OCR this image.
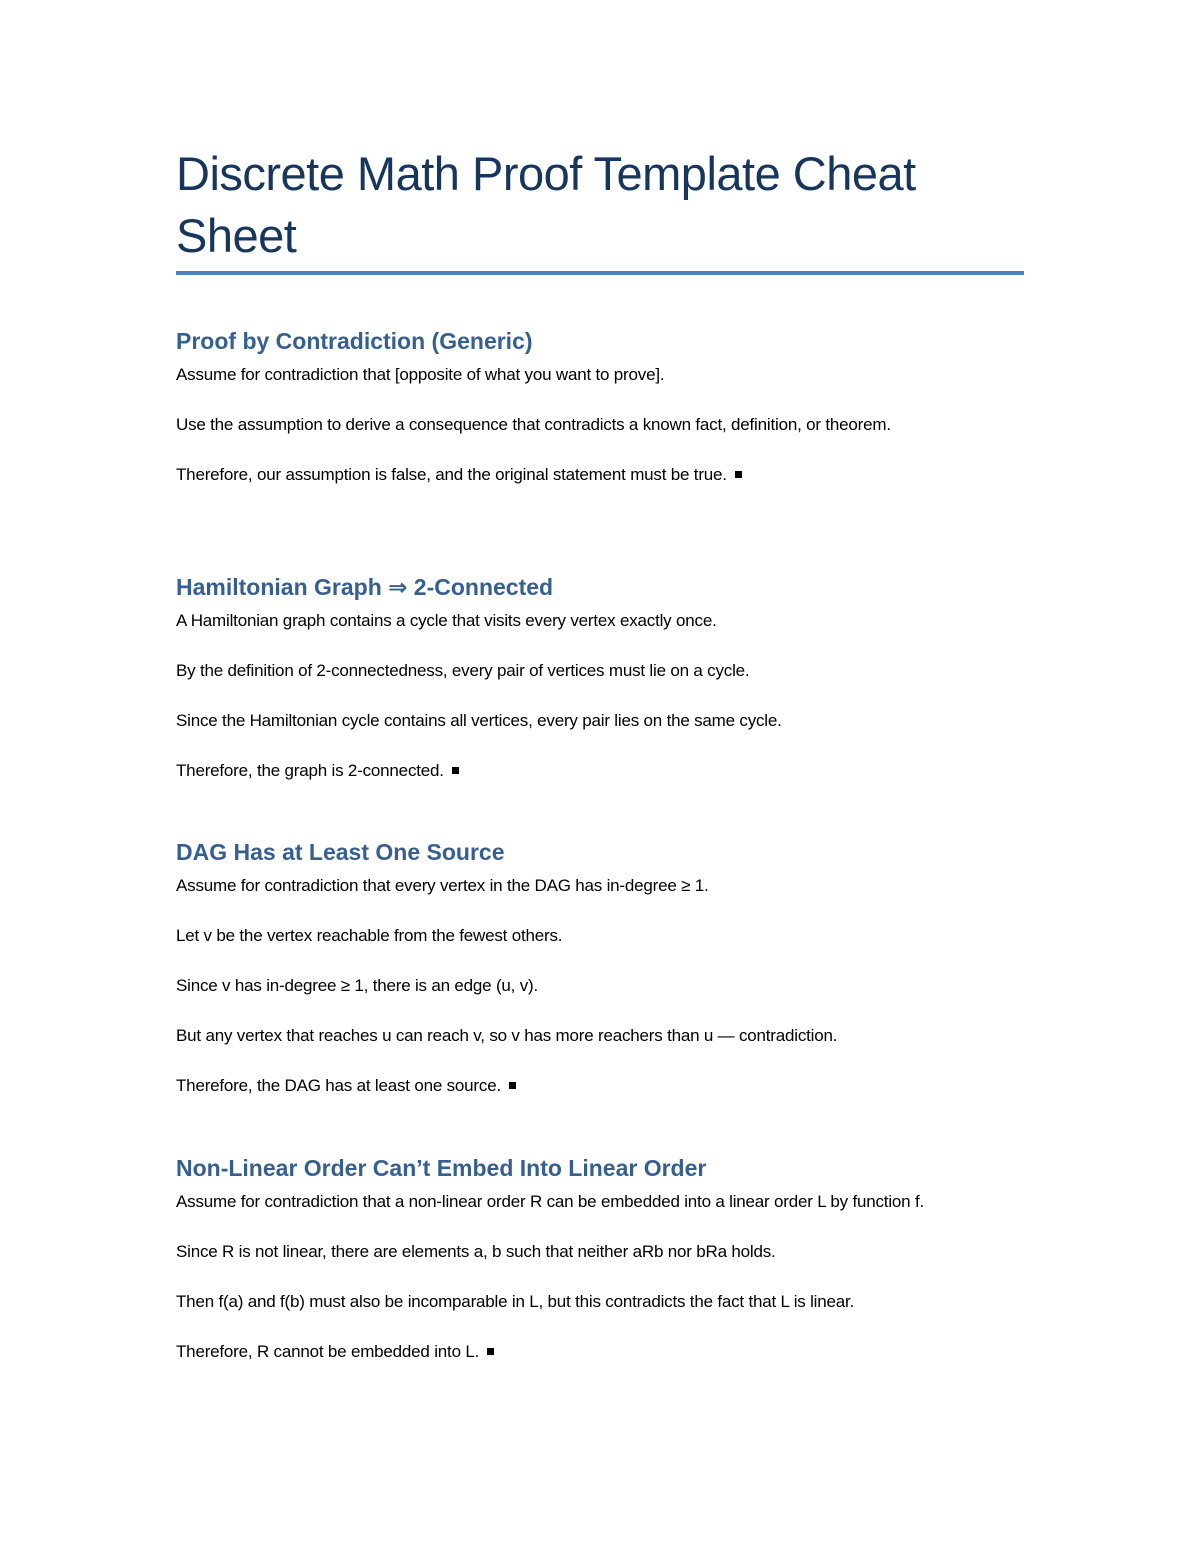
Discrete Math Proof Template Cheat Sheet
Proof by Contradiction (Generic)

Assume for contradiction that [opposite of what you want to prove].

Use the assumption to derive a consequence that contradicts a known fact, definition, or theorem.

Therefore, our assumption is false, and the original statement must be true.

Hamiltonian Graph ⇒ 2-Connected

A Hamiltonian graph contains a cycle that visits every vertex exactly once.

By the definition of 2-connectedness, every pair of vertices must lie on a cycle.

Since the Hamiltonian cycle contains all vertices, every pair lies on the same cycle.

Therefore, the graph is 2-connected.

DAG Has at Least One Source

Assume for contradiction that every vertex in the DAG has in-degree ≥ 1.

Let v be the vertex reachable from the fewest others.

Since v has in-degree ≥ 1, there is an edge (u, v).

But any vertex that reaches u can reach v, so v has more reachers than u — contradiction.

Therefore, the DAG has at least one source.

Non-Linear Order Can’t Embed Into Linear Order

Assume for contradiction that a non-linear order R can be embedded into a linear order L by function f.

Since R is not linear, there are elements a, b such that neither aRb nor bRa holds.

Then f(a) and f(b) must also be incomparable in L, but this contradicts the fact that L is linear.

Therefore, R cannot be embedded into L.
